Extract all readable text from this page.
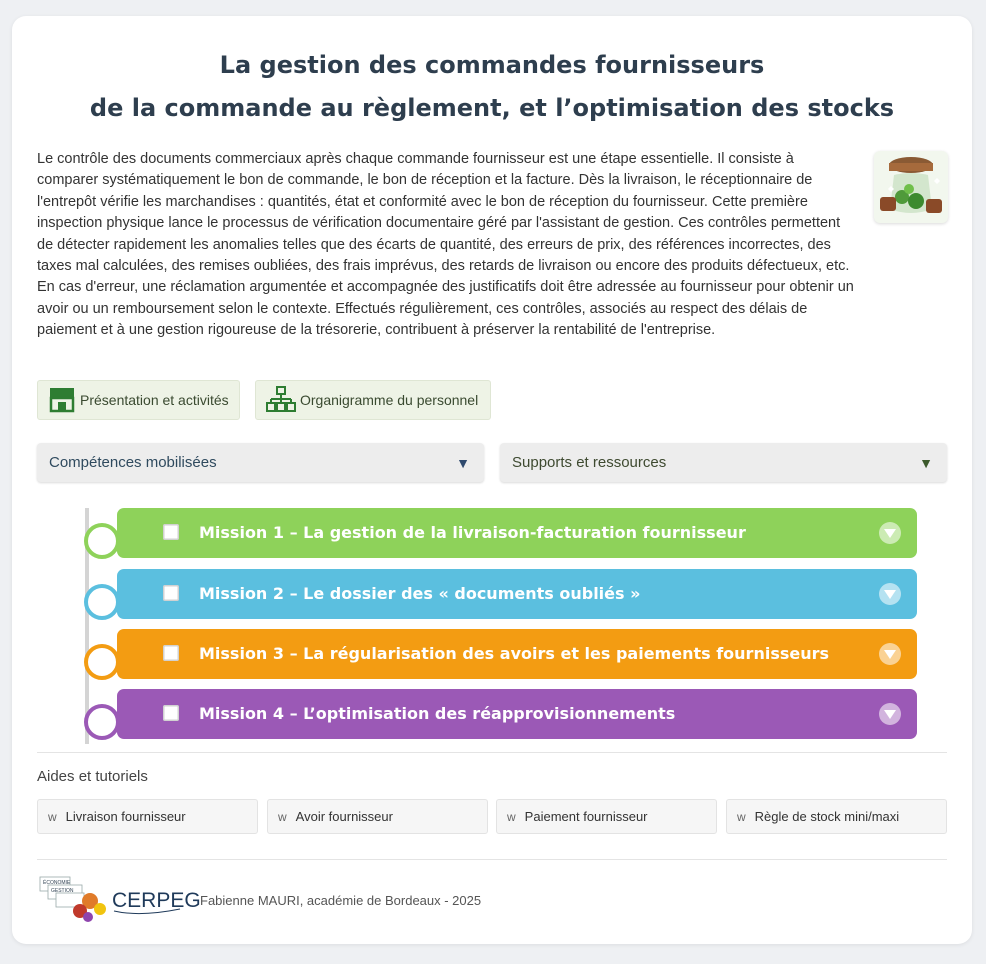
La gestion des commandes fournisseurs
de la commande au règlement, et l’optimisation des stocks

Le contrôle des documents commerciaux après chaque commande fournisseur est une étape essentielle. Il consiste à comparer systématiquement le bon de commande, le bon de réception et la facture. Dès la livraison, le réceptionnaire de l'entrepôt vérifie les marchandises : quantités, état et conformité avec le bon de réception du fournisseur. Cette première inspection physique lance le processus de vérification documentaire géré par l'assistant de gestion. Ces contrôles permettent de détecter rapidement les anomalies telles que des écarts de quantité, des erreurs de prix, des références incorrectes, des taxes mal calculées, des remises oubliées, des frais imprévus, des retards de livraison ou encore des produits défectueux, etc. En cas d'erreur, une réclamation argumentée et accompagnée des justificatifs doit être adressée au fournisseur pour obtenir un avoir ou un remboursement selon le contexte. Effectués régulièrement, ces contrôles, associés au respect des délais de paiement et à une gestion rigoureuse de la trésorerie, contribuent à préserver la rentabilité de l'entreprise.

Présentation et activités	Organigramme du personnel
Compétences mobilisées	▼	Supports et ressources	▼
Mission 1 – La gestion de la livraison-facturation fournisseur
Mission 2 – Le dossier des « documents oubliés »
Mission 3 – La régularisation des avoirs et les paiements fournisseurs
Mission 4 – L’optimisation des réapprovisionnements
Aides et tutoriels
w Livraison fournisseur	w Avoir fournisseur	w Paiement fournisseur	w Règle de stock mini/maxi
ÉCONOMIE
GESTION CERPEG Fabienne MAURI, académie de Bordeaux - 2025
